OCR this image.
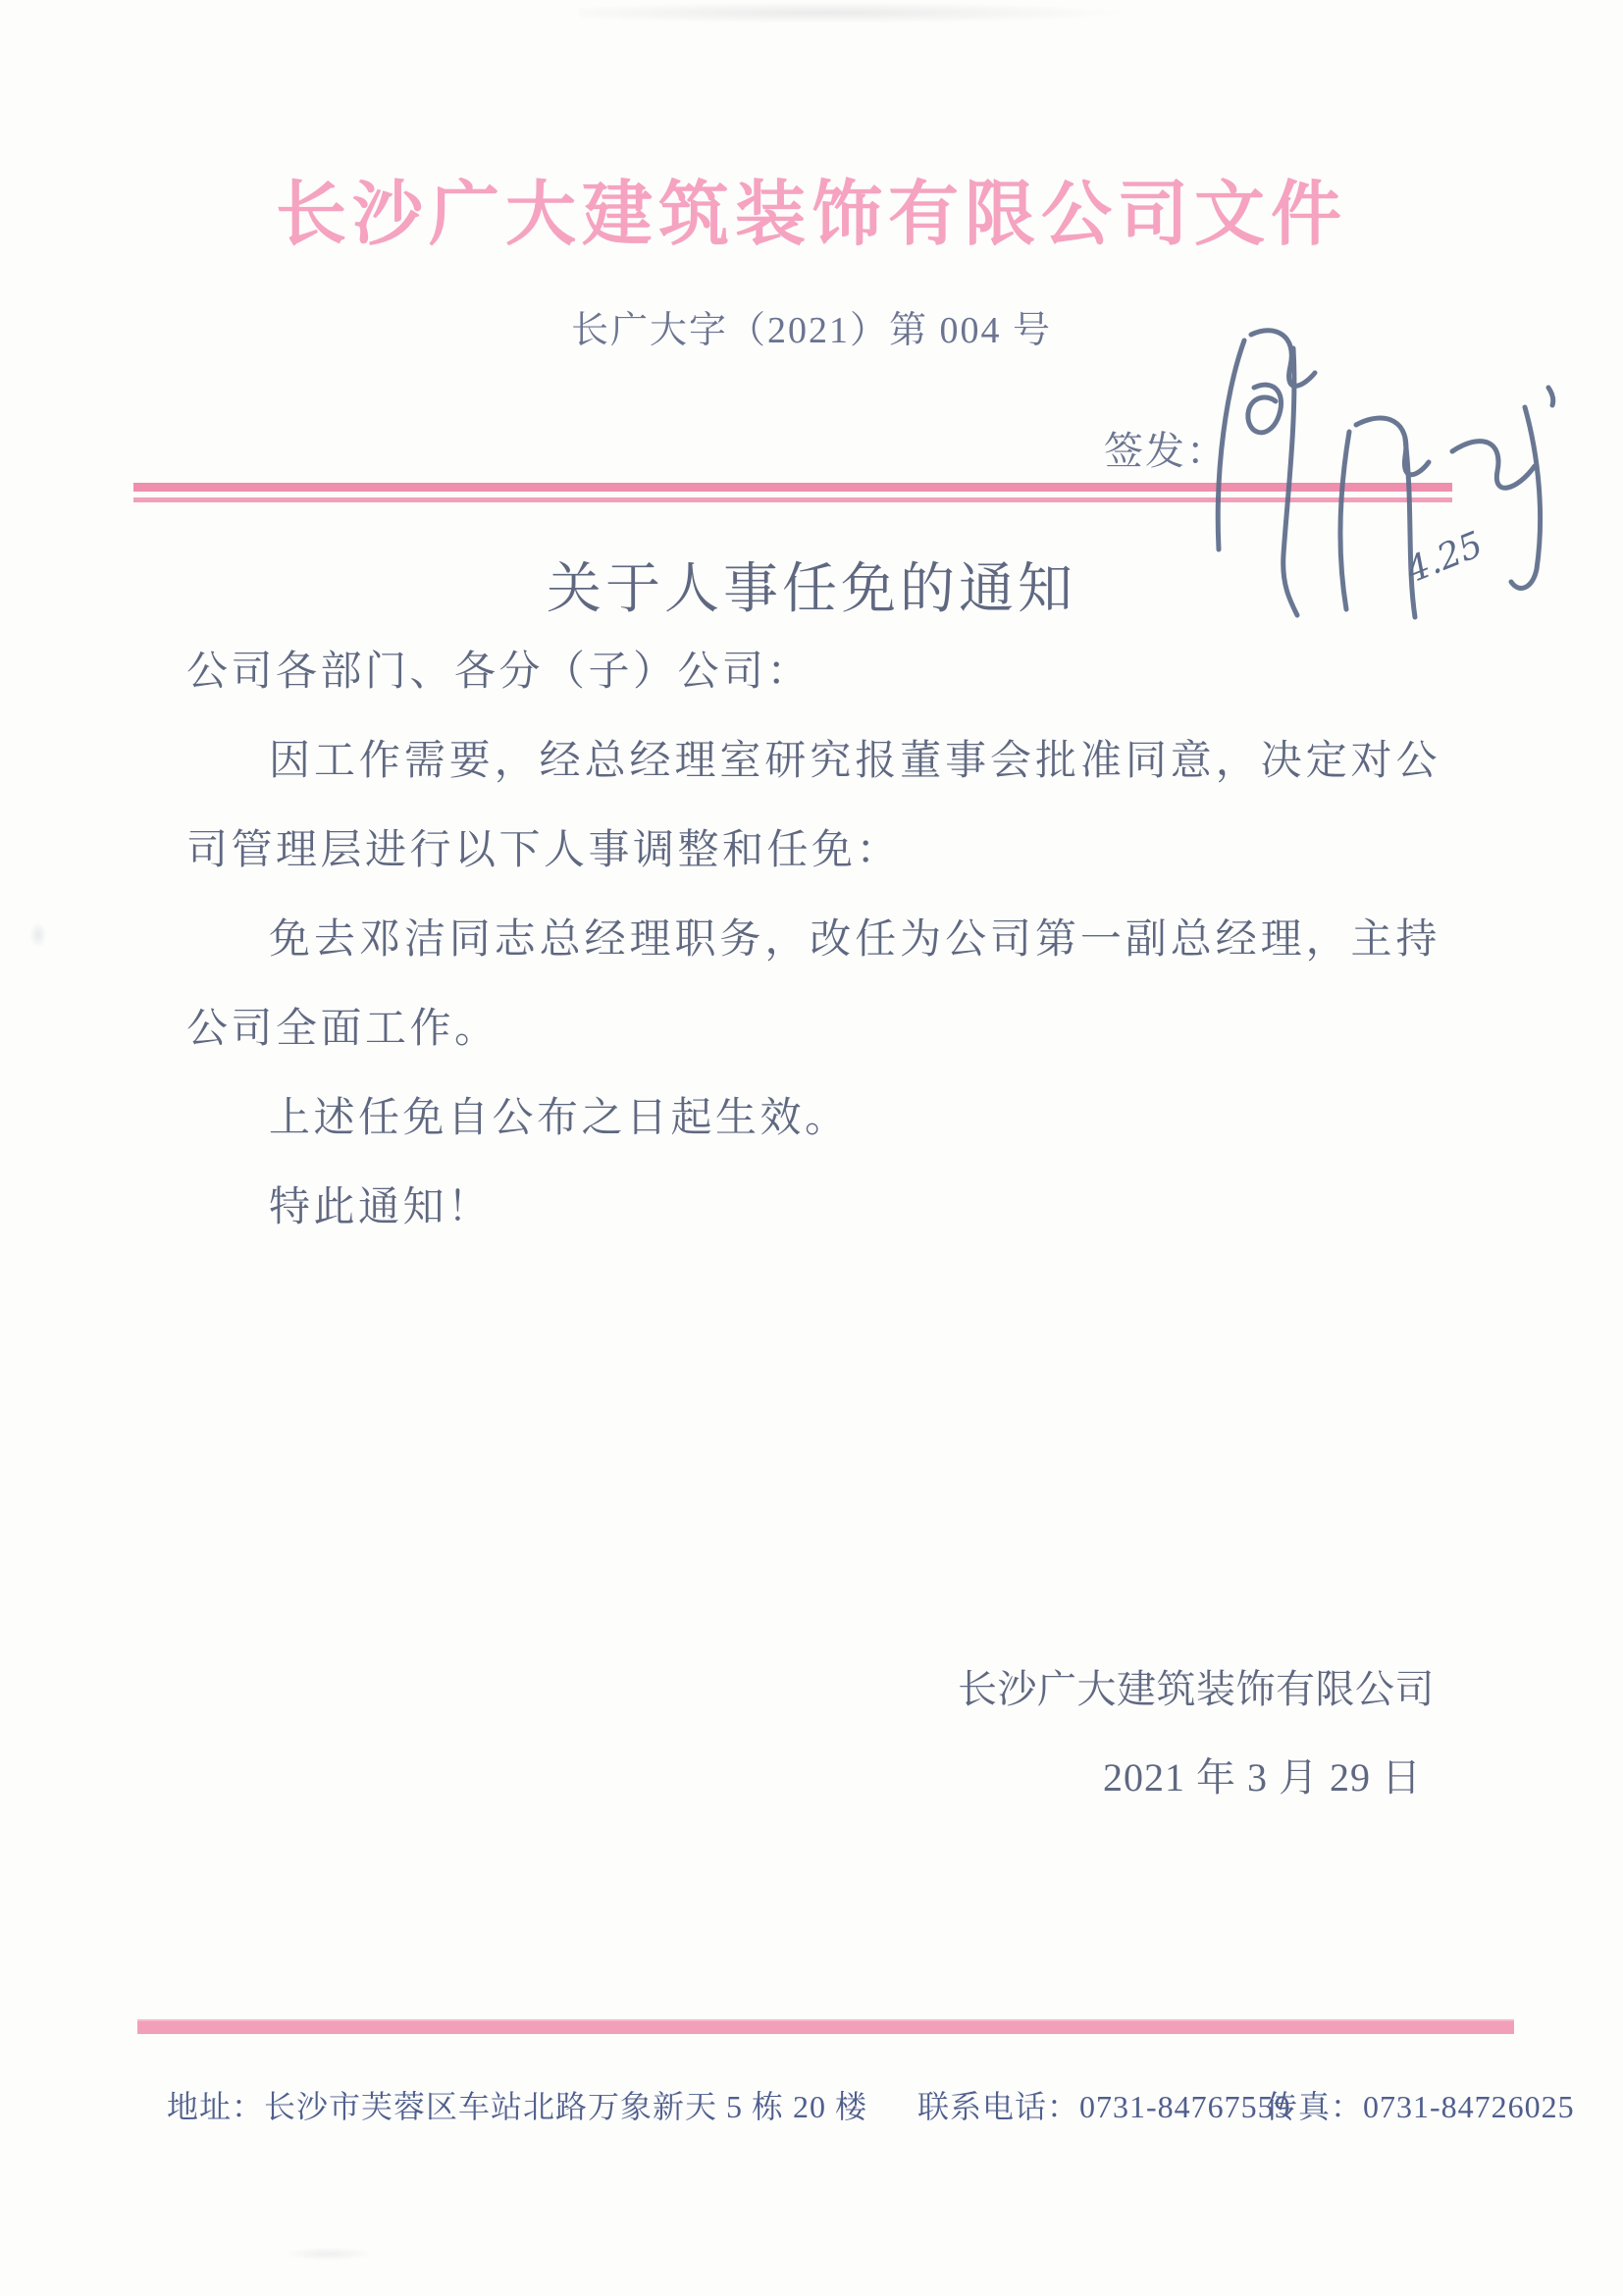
长沙广大建筑装饰有限公司文件
长广大字（2021）第 004 号
签发：
4.25
关于人事任免的通知

公司各部门、各分（子）公司：

因工作需要，经总经理室研究报董事会批准同意，决定对公司管理层进行以下人事调整和任免：

免去邓洁同志总经理职务，改任为公司第一副总经理，主持公司全面工作。

上述任免自公布之日起生效。

特此通知！

长沙广大建筑装饰有限公司
2021 年 3 月 29 日
地址：长沙市芙蓉区车站北路万象新天 5 栋 20 楼 联系电话：0731-84767559
传真：0731-84726025
